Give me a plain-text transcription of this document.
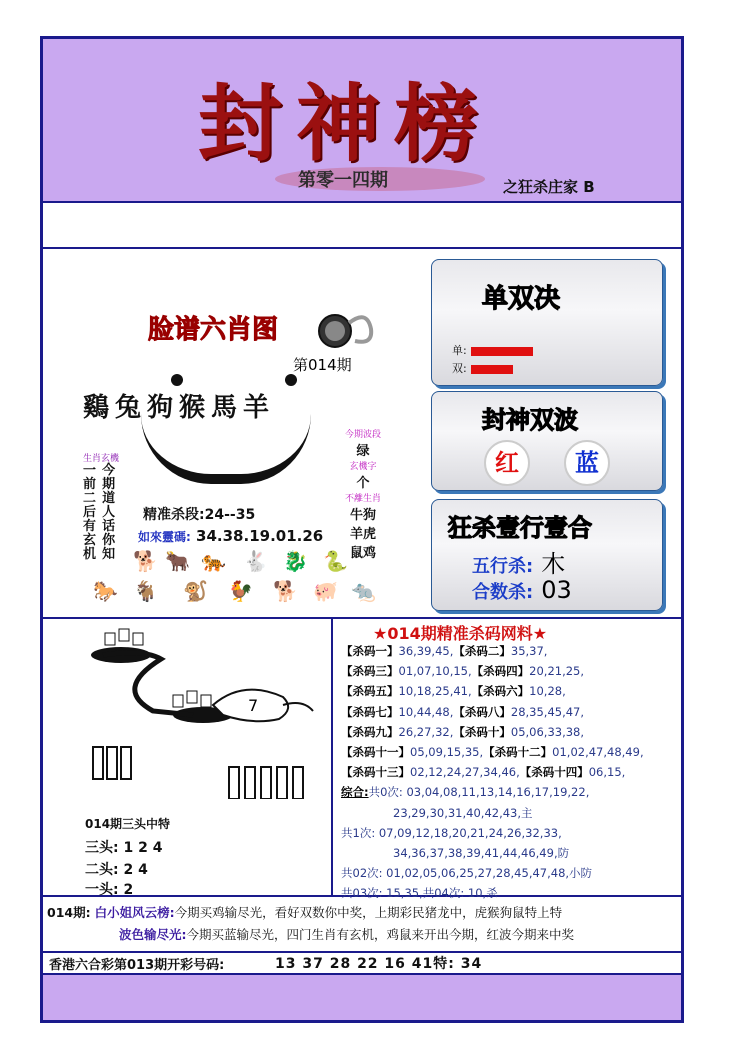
封神榜
第零一四期	之狂杀庄家 B
脸谱六肖图
第014期
鷄兔狗猴馬羊
生肖玄機
一前二后有玄机 今期道人话你知
今期波段
绿
玄機字
个
不離生肖
牛狗
羊虎
鼠鸡
精准杀段:24--35
如來靈碼: 34.38.19.01.26
🐕 🐂 🐅 🐇 🐉 🐍
🐎 🐐 🐒 🐓 🐕 🐖 🐀
单双决
单:
双:
封神双波
红	蓝
狂杀壹行壹合
五行杀: 木
合数杀: 03
7
014期三头中特
三头: 1 2 4
二头: 2 4
一头: 2
★014期精准杀码网料★
【杀码一】36,39,45,【杀码二】35,37,
【杀码三】01,07,10,15,【杀码四】20,21,25,
【杀码五】10,18,25,41,【杀码六】10,28,
【杀码七】10,44,48,【杀码八】28,35,45,47,
【杀码九】26,27,32,【杀码十】05,06,33,38,
【杀码十一】05,09,15,35,【杀码十二】01,02,47,48,49,
【杀码十三】02,12,24,27,34,46,【杀码十四】06,15,
综合:共0次: 03,04,08,11,13,14,16,17,19,22,
23,29,30,31,40,42,43,主
共1次: 07,09,12,18,20,21,24,26,32,33,
34,36,37,38,39,41,44,46,49,防
共02次: 01,02,05,06,25,27,28,45,47,48,小防
共03次: 15,35,共04次: 10,杀
014期: 白小姐风云榜:今期买鸡输尽光，看好双数你中奖，上期彩民猪龙中，虎猴狗鼠特上特
波色输尽光:今期买蓝输尽光，四门生肖有玄机，鸡鼠来开出今期，红波今期来中奖
香港六合彩第013期开彩号码:	13 37 28 22 16 41特: 34
